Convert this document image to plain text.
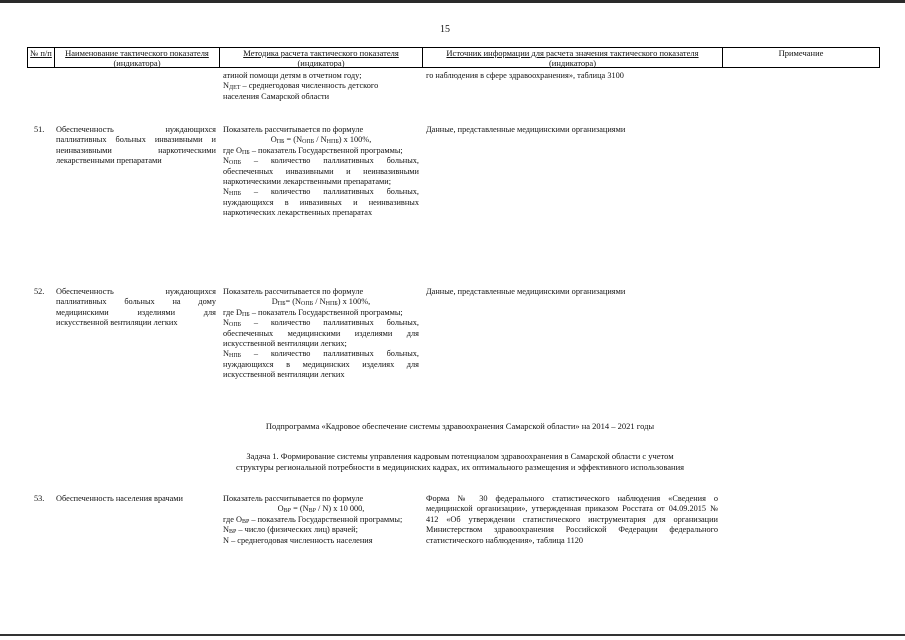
15
№ п/п	Наименование тактического показателя (индикатора)
Методика расчета тактического показателя (индикатора)
Источник информации для расчета значения тактического показателя (индикатора)
Примечание
атиной помощи детям в отчетном году;
$N_{ДЕТ}$ – среднегодовая численность детского
населения Самарской области
го наблюдения в сфере здравоохранения», таблица 3100
51. Обеспеченность нуждающихся паллиативных больных инвазивными и неинвазивными наркотическими лекарственными препаратами
Показатель рассчитывается по формуле
$О_{ПБ} = (N_{ОПБ} / N_{НПБ})$ х 100%,
где $О_{ПБ}$ – показатель Государственной программы;
$N_{ОПБ}$ – количество паллиативных больных, обеспеченных инвазивными и неинвазивными наркотическими лекарственными препаратами;
$N_{НПБ}$ – количество паллиативных больных, нуждающихся в инвазивных и неинвазивных наркотических лекарственных препаратах
Данные, представленные медицинскими организациями
52. Обеспеченность нуждающихся паллиативных больных на дому медицинскими изделиями для искусственной вентиляции легких
Показатель рассчитывается по формуле
$D_{ПБ}= (N_{ОПБ} / N_{НПБ})$ х 100%,
где $D_{ПБ}$ – показатель Государственной программы;
$N_{ОПБ}$ – количество паллиативных больных, обеспеченных медицинскими изделиями для искусственной вентиляции легких;
$N_{НПБ}$ – количество паллиативных больных, нуждающихся в медицинских изделиях для искусственной вентиляции легких
Данные, представленные медицинскими организациями
Подпрограмма «Кадровое обеспечение системы здравоохранения Самарской области» на 2014 – 2021 годы
Задача 1. Формирование системы управления кадровым потенциалом здравоохранения в Самарской области с учетом
структуры региональной потребности в медицинских кадрах, их оптимального размещения и эффективного использования
53. Обеспеченность населения врачами	Показатель рассчитывается по формуле
$О_{ВР} = (N_{ВР} / N)$ х 10 000,
где $О_{ВР}$ – показатель Государственной программы;
$N_{ВР}$ – число (физических лиц) врачей;
N – среднегодовая численность населения
Форма № 30 федерального статистического наблюдения «Сведения о медицинской организации», утвержденная приказом Росстата от 04.09.2015 № 412 «Об утверждении статистического инструментария для организации Министерством здравоохранения Российской Федерации федерального статистического наблюдения», таблица 1120
